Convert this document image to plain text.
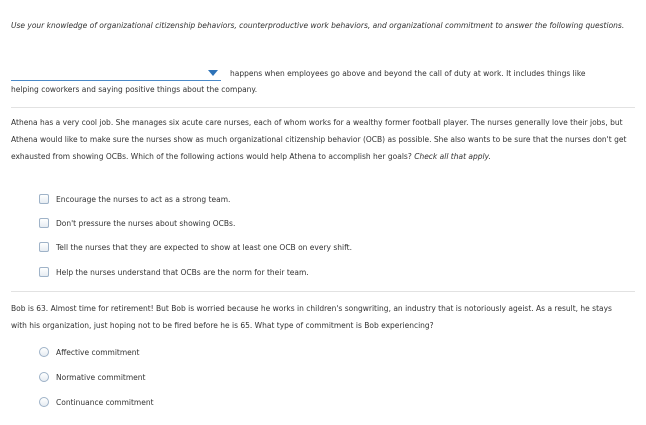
Use your knowledge of organizational citizenship behaviors, counterproductive work behaviors, and organizational commitment to answer the following questions.
happens when employees go above and beyond the call of duty at work. It includes things like
helping coworkers and saying positive things about the company.
Athena has a very cool job. She manages six acute care nurses, each of whom works for a wealthy former football player. The nurses generally love their jobs, but Athena would like to make sure the nurses show as much organizational citizenship behavior (OCB) as possible. She also wants to be sure that the nurses don't get exhausted from showing OCBs. Which of the following actions would help Athena to accomplish her goals? Check all that apply.
Encourage the nurses to act as a strong team.
Don't pressure the nurses about showing OCBs.
Tell the nurses that they are expected to show at least one OCB on every shift.
Help the nurses understand that OCBs are the norm for their team.
Bob is 63. Almost time for retirement! But Bob is worried because he works in children's songwriting, an industry that is notoriously ageist. As a result, he stays with his organization, just hoping not to be fired before he is 65. What type of commitment is Bob experiencing?
Affective commitment
Normative commitment
Continuance commitment
